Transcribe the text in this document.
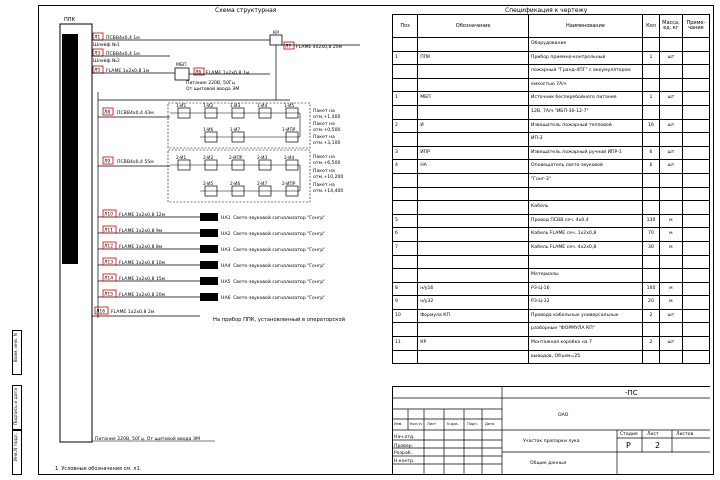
Схема структурная	Спецификация к чертежу
Взам. инв. N
Подпись и дата
Инв.N подл.
ППК
Л1 ПСВВ4х0,4 1м
Шлейф №1
Л3 ПСВВ4х0,4 1м
Шлейф №2
Л5 FLAME 1х2х0,8 1м
КР
Л7 FLAME 4х2х0,8 20м
МБП
Л6 FLAME 1х2х0,8 1м
Питание 220В, 50Гц
От щитовой ввода ЭМ
Л8 ПСВВ4х0,4 43м
1-И1	1-И2	1-И3	1-И4	1-И5
1-И6	1-И7	1-ИПР
Пакет на
отм.+1,400
Пакет на
отм.+0,500
Пакет на
отм.+3,100
Л9 ПСВВ4х0,4 55м
2-И1	2-И2	2-ИПР	2-И3	2-И4
2-И5	2-И6	2-И7	2-ИПР
Пакет на
отм.+6,500
Пакет на
отм.+10,200
Пакет на
отм.+14,400
Л10 FLAME 1х2х0,8 12м
НА1 Свето-звуковой сигнализатор "Гонгр"
Л11 FLAME 1х2х0,8 9м
НА2 Свето-звуковой сигнализатор "Гонгр"
Л12 FLAME 1х2х0,8 8м
НА3 Свето-звуковой сигнализатор "Гонгр"
Л13 FLAME 1х2х0,8 10м
НА4 Свето-звуковой сигнализатор "Гонгр"
Л14 FLAME 1х2х0,8 15м
НА5 Свето-звуковой сигнализатор "Гонгр"
Л15 FLAME 1х2х0,8 20м
НА6 Свето-звуковой сигнализатор "Гонгр"
Л16 FLAME 1х2х0,8 2м
На прибор ППК, установленный в операторской
Питание 220В, 50Гц. От щитовой ввода ЭМ
1. Условные обозначения см. л1.
Поз	Обозначение	Наименование	Кол	Масса, ед. кг	Приме-чание
		Оборудование			
1	ППК	Прибор приемно-контрольный	1	шт	
		пожарный "Гранд-4ПГ" с аккумулятором			
		емкостью 7А/ч			
1	МБП	Источник бесперебойного питания	1	шт	
		12В, 7А/ч "ИБП-30-12-7"			
2	И	Извещатель пожарный тепловой	16	шт	
		ИП-3			
3	ИПР	Извещатель пожарный ручной ИПР-1	6	шт	
4	НА	Оповещатель свето-звуковой	6	шт	
		"Гонг-3"			

		Кабель			
5		Провод ПСВВ сеч. 4х0,4	130	м	
6		Кабель FLAME сеч. 1х2х0,8	70	м	
7		Кабель FLAME сеч. 4х2х0,8	30	м	

		Материалы			
8	н/у16	РЗ-Ц-16	160	м	
9	н/у32	РЗ-Ц-32	20	м	
10	Формула КП	Провода кабельные универсальные	2	шт	
		разборные "ФОРМУЛА КП"			
11	КР	Монтажная коробка на 7	2	шт	
		выводов, Объем=25			
-ПС
ОАО
Участок пропарки лука
Общие данные
Стадия Лист	Листов
Р	2
Изм. Кол.уч Лист	N док. Подп. Дата
Нач.отд.
Провер.
Разраб.
Н.контр.
